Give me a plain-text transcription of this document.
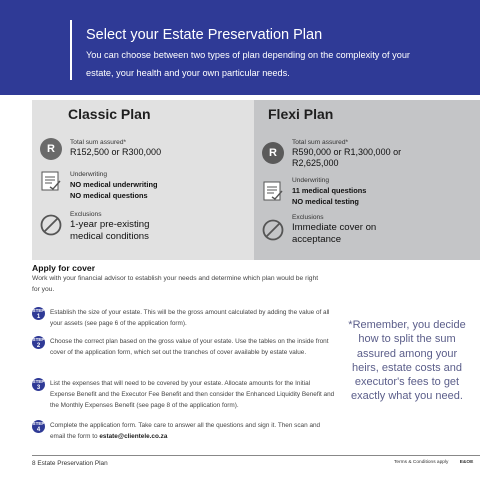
Select your Estate Preservation Plan
You can choose between two types of plan depending on the complexity of your estate, your health and your own particular needs.
Classic Plan
R
Total sum assured*
R152,500 or R300,000
Underwriting
NO medical underwriting
NO medical questions
Exclusions
1-year pre-existing medical conditions
Flexi Plan
R
Total sum assured*
R590,000 or R1,300,000 or R2,625,000
Underwriting
11 medical questions
NO medical testing
Exclusions
Immediate cover on acceptance
Apply for cover
Work with your financial advisor to establish your needs and determine which plan would be right for you.
STEP
1
Establish the size of your estate. This will be the gross amount calculated by adding the value of all your assets (see page 6 of the application form).
STEP
2
Choose the correct plan based on the gross value of your estate. Use the tables on the inside front cover of the application form, which set out the tranches of cover available by estate value.
STEP
3
List the expenses that will need to be covered by your estate. Allocate amounts for the Initial Expense Benefit and the Executor Fee Benefit and then consider the Enhanced Liquidity Benefit and the Monthly Expenses Benefit (see page 8 of the application form).
STEP
4
Complete the application form. Take care to answer all the questions and sign it. Then scan and email the form to estate@clientele.co.za
*Remember, you decide how to split the sum assured among your heirs, estate costs and executor's fees to get exactly what you need.
8 Estate Preservation Plan	Terms & Conditions apply E&OE
